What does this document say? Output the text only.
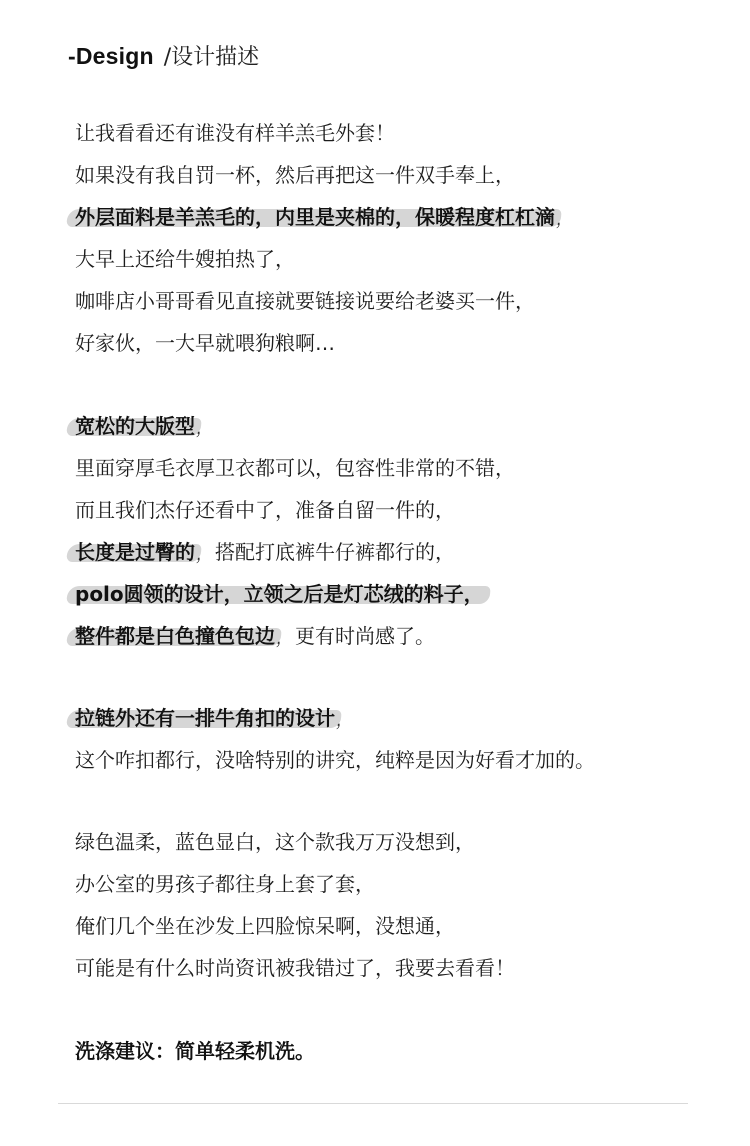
-Design /设计描述
让我看看还有谁没有样羊羔毛外套！
如果没有我自罚一杯，然后再把这一件双手奉上，
外层面料是羊羔毛的，内里是夹棉的，保暖程度杠杠滴，
大早上还给牛嫂拍热了，
咖啡店小哥哥看见直接就要链接说要给老婆买一件，
好家伙，一大早就喂狗粮啊…
宽松的大版型，
里面穿厚毛衣厚卫衣都可以，包容性非常的不错，
而且我们杰仔还看中了，准备自留一件的，
长度是过臀的，搭配打底裤牛仔裤都行的，
polo圆领的设计，立领之后是灯芯绒的料子，
整件都是白色撞色包边，更有时尚感了。
拉链外还有一排牛角扣的设计，
这个咋扣都行，没啥特别的讲究，纯粹是因为好看才加的。
绿色温柔，蓝色显白，这个款我万万没想到，
办公室的男孩子都往身上套了套，
俺们几个坐在沙发上四脸惊呆啊，没想通，
可能是有什么时尚资讯被我错过了，我要去看看！
洗涤建议：简单轻柔机洗。
